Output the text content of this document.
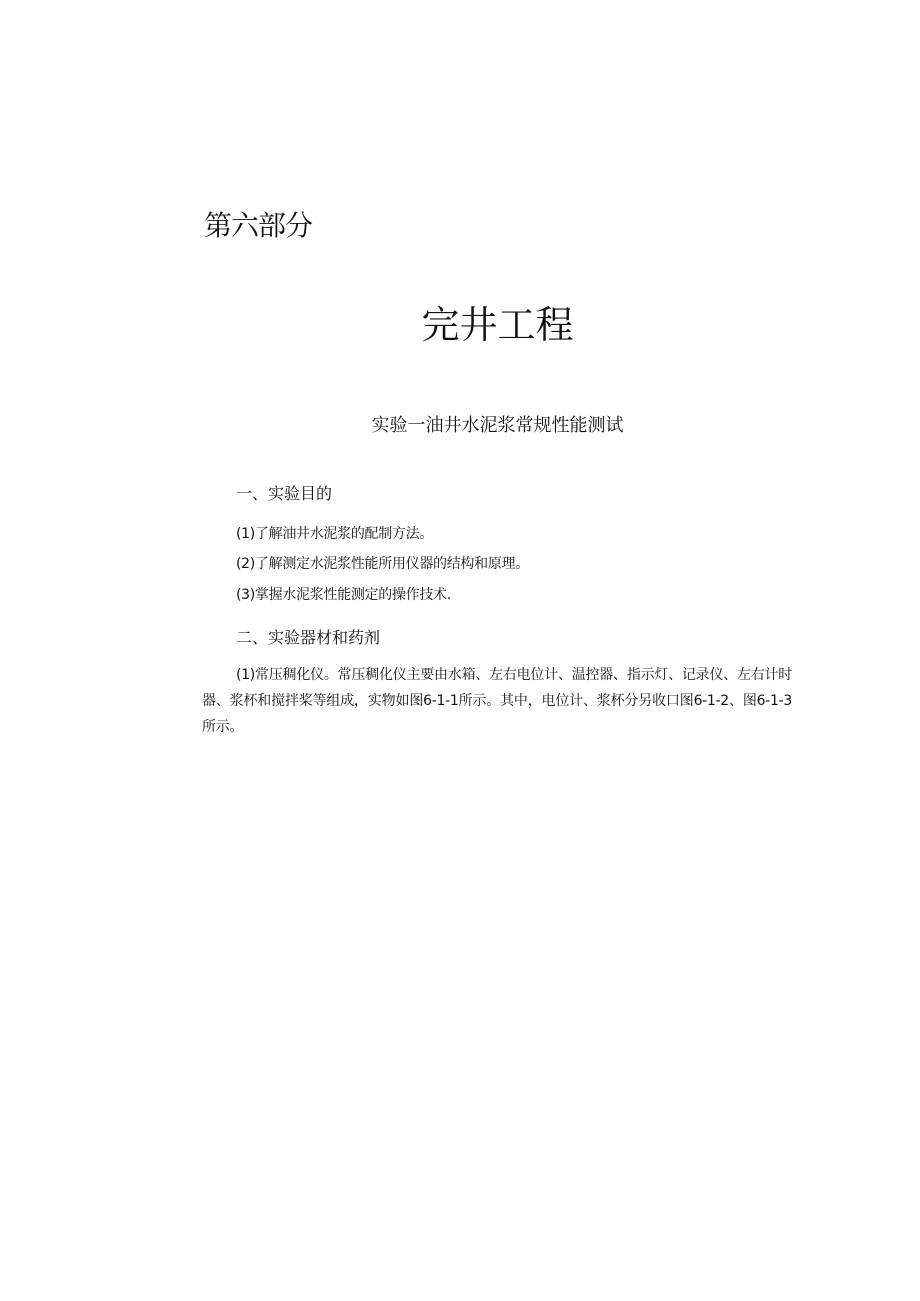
第六部分
完井工程
实验一油井水泥浆常规性能测试
一、实验目的
(1)了解油井水泥浆的配制方法。
(2)了解测定水泥浆性能所用仪器的结构和原理。
(3)掌握水泥浆性能测定的操作技术.
二、实验器材和药剂
(1)常压稠化仪。常压稠化仪主要由水箱、左右电位计、温控器、指示灯、记录仪、左右计时器、浆杯和搅拌桨等组成，实物如图6-1-1所示。其中，电位计、浆杯分另收口图6-1-2、图6-1-3所示。
